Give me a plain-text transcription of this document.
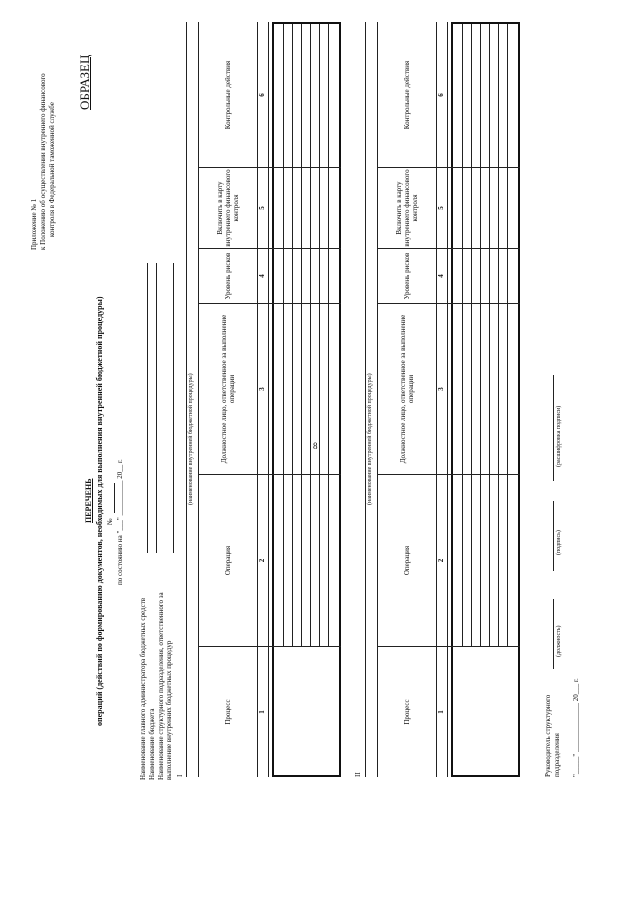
8
Приложение № 1 к Положению об осуществлении внутреннего финансового контроля в Федеральной таможенной службе
ОБРАЗЕЦ
ПЕРЕЧЕНЬ операций (действий по формированию документов, необходимых для выполнения внутренней бюджетной процедуры) № по состоянию на "___" __________ 20__ г.
Наименование главного администратора бюджетных средств Наименование бюджета Наименование структурного подразделения, ответственного за выполнение внутренних бюджетных процедур I
(наименование внутренней бюджетной процедуры)
Процесс
Операция
Должностное лицо, ответственное за выполнение операции
Уровень рисков
Включить в карту внутреннего финансового контроля
Контрольные действия
1
2
3
4
5
6
II
(наименование внутренней бюджетной процедуры)
Процесс
Операция
Должностное лицо, ответственное за выполнение операции
Уровень рисков
Включить в карту внутреннего финансового контроля
Контрольные действия
1
2
3
4
5
6
Руководитель структурного подразделения
(должность)
(подпись)
(расшифровка подписи)
"_____" ______________ 20___ г.
